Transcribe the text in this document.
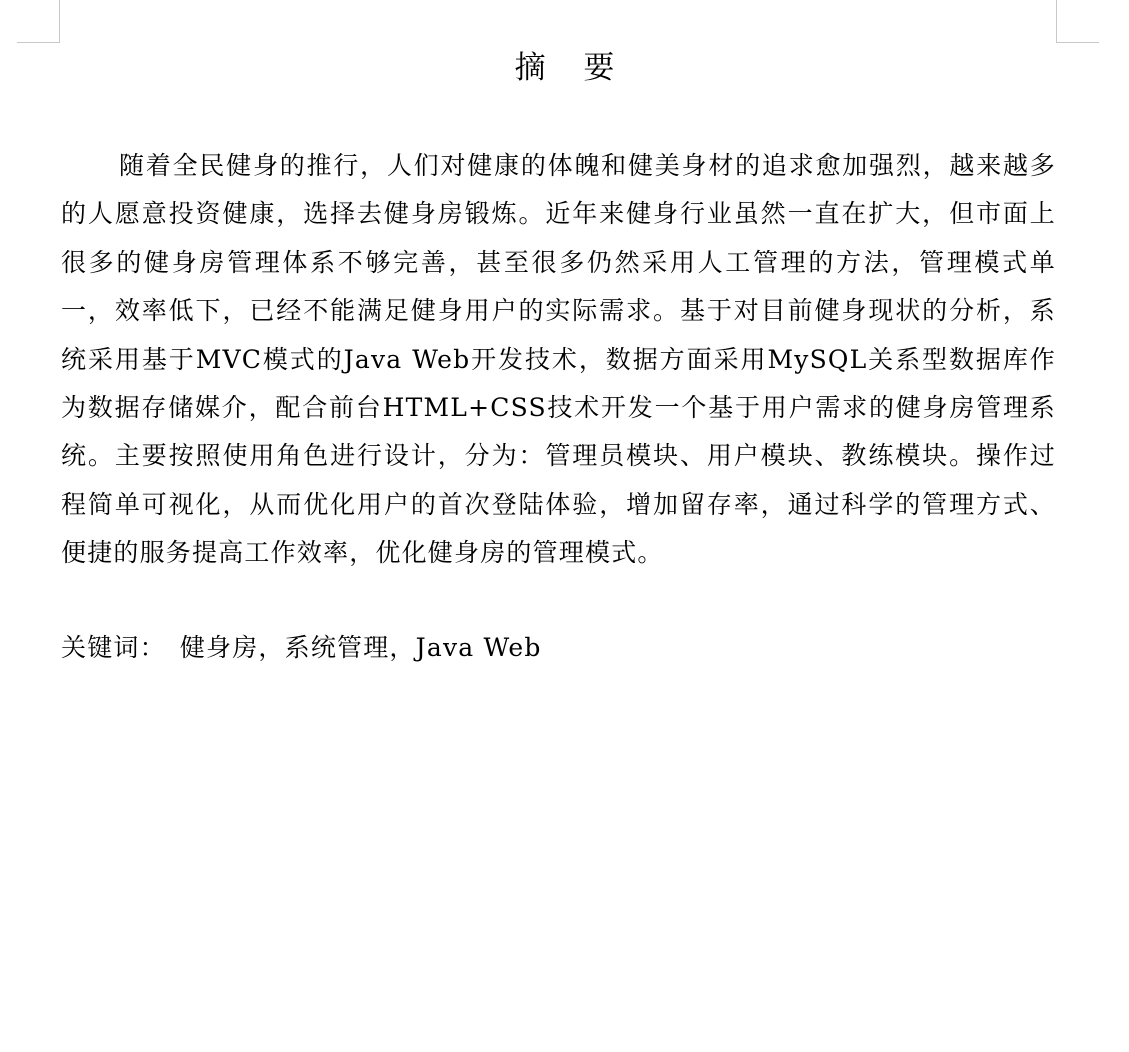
摘 要

随着全民健身的推行，人们对健康的体魄和健美身材的追求愈加强烈，越来越多的人愿意投资健康，选择去健身房锻炼。近年来健身行业虽然一直在扩大，但市面上很多的健身房管理体系不够完善，甚至很多仍然采用人工管理的方法，管理模式单一，效率低下，已经不能满足健身用户的实际需求。基于对目前健身现状的分析，系统采用基于MVC模式的Java Web开发技术，数据方面采用MySQL关系型数据库作为数据存储媒介，配合前台HTML+CSS技术开发一个基于用户需求的健身房管理系统。主要按照使用角色进行设计，分为：管理员模块、用户模块、教练模块。操作过程简单可视化，从而优化用户的首次登陆体验，增加留存率，通过科学的管理方式、便捷的服务提高工作效率，优化健身房的管理模式。

关键词： 健身房，系统管理，Java Web
